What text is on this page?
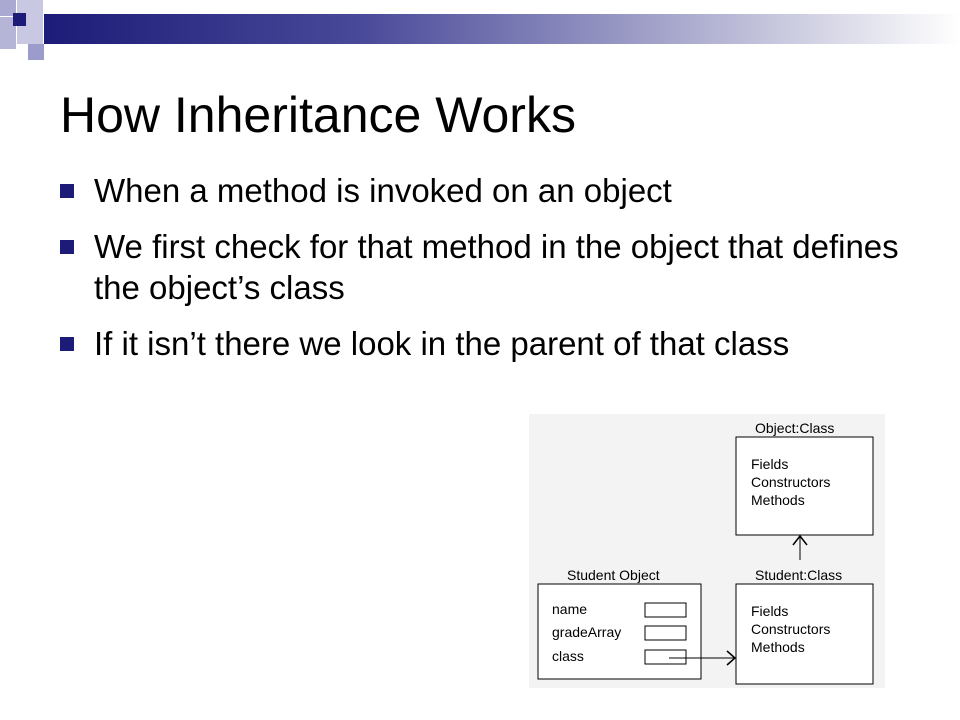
How Inheritance Works
When a method is invoked on an object
We first check for that method in the object that defines the object’s class
If it isn’t there we look in the parent of that class
Object:Class
Fields
Constructors
Methods
Student:Class
Fields
Constructors
Methods
Student Object
name
gradeArray
class
